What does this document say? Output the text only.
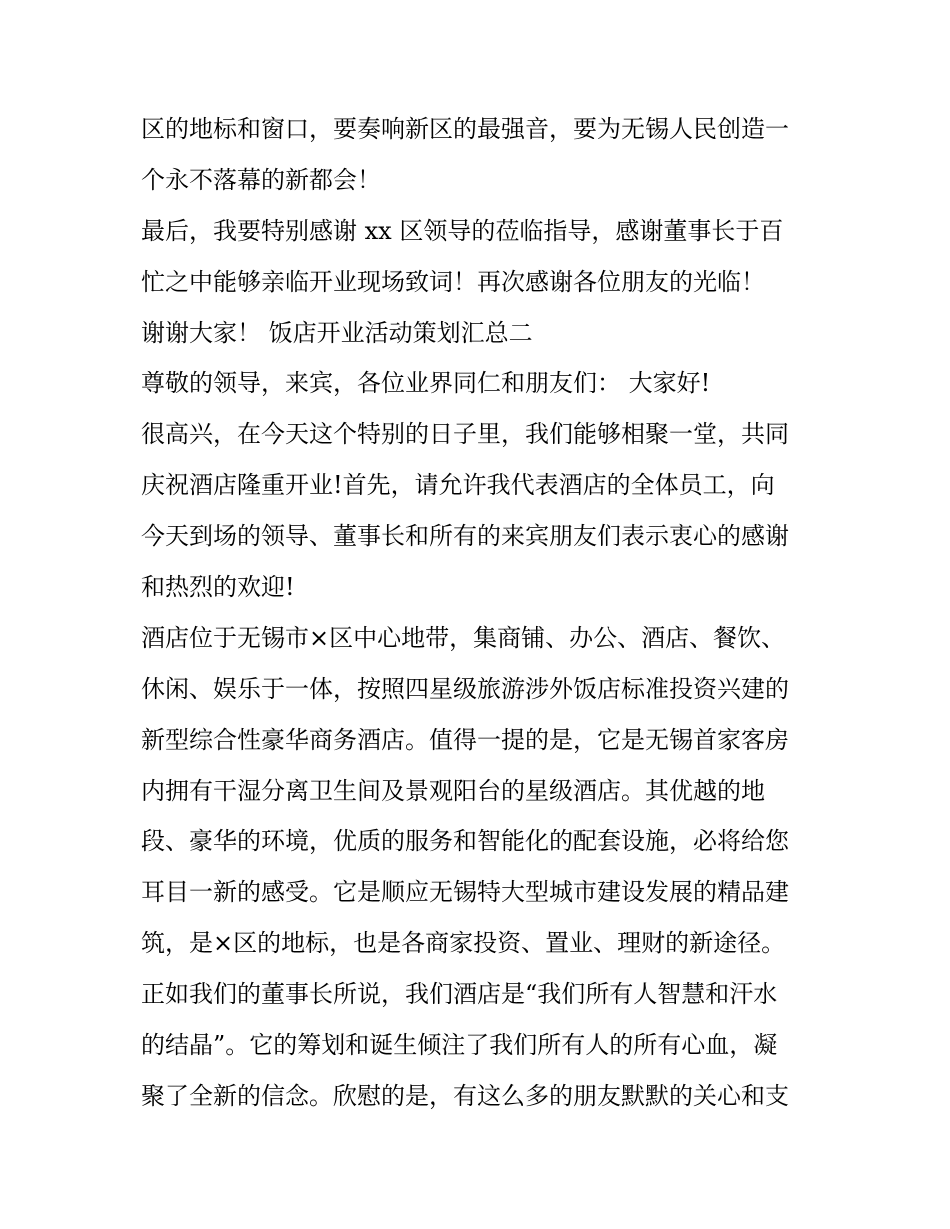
区的地标和窗口，要奏响新区的最强音，要为无锡人民创造一
个永不落幕的新都会！
最后，我要特别感谢 xx 区领导的莅临指导，感谢董事长于百
忙之中能够亲临开业现场致词！再次感谢各位朋友的光临！
谢谢大家！ 饭店开业活动策划汇总二
尊敬的领导，来宾，各位业界同仁和朋友们： 大家好!
很高兴，在今天这个特别的日子里，我们能够相聚一堂，共同
庆祝酒店隆重开业!首先，请允许我代表酒店的全体员工，向
今天到场的领导、董事长和所有的来宾朋友们表示衷心的感谢
和热烈的欢迎!
酒店位于无锡市×区中心地带，集商铺、办公、酒店、餐饮、
休闲、娱乐于一体，按照四星级旅游涉外饭店标准投资兴建的
新型综合性豪华商务酒店。值得一提的是，它是无锡首家客房
内拥有干湿分离卫生间及景观阳台的星级酒店。其优越的地
段、豪华的环境，优质的服务和智能化的配套设施，必将给您
耳目一新的感受。它是顺应无锡特大型城市建设发展的精品建
筑，是×区的地标，也是各商家投资、置业、理财的新途径。
正如我们的董事长所说，我们酒店是“我们所有人智慧和汗水
的结晶”。它的筹划和诞生倾注了我们所有人的所有心血，凝
聚了全新的信念。欣慰的是，有这么多的朋友默默的关心和支
